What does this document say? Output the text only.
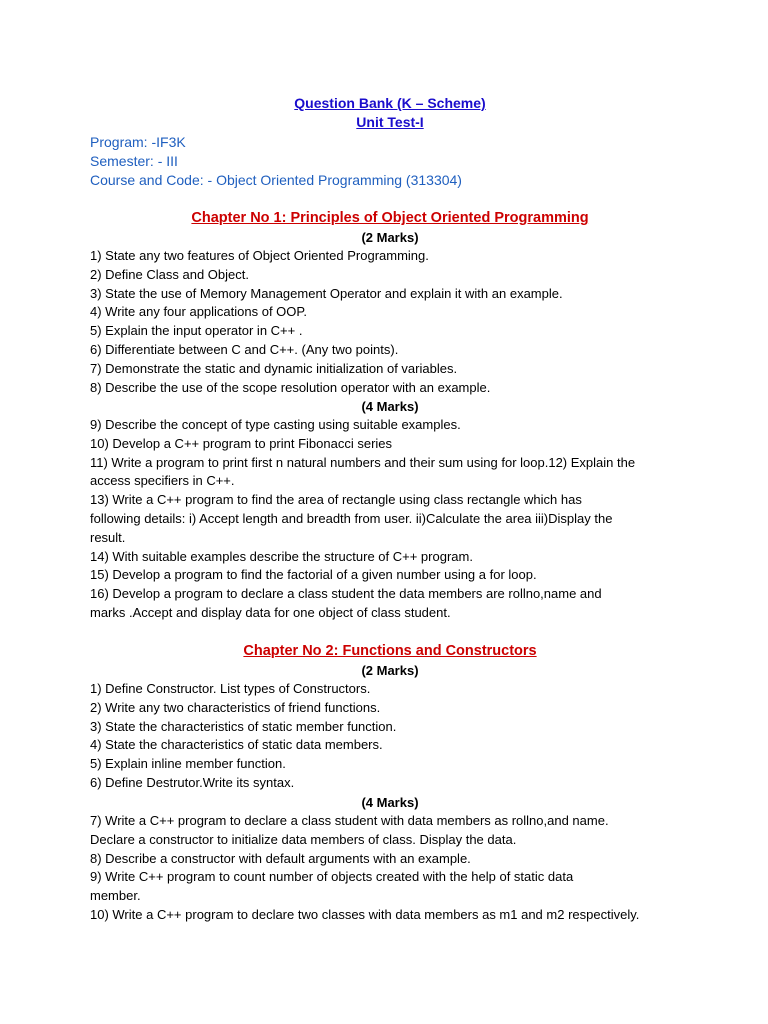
Question Bank (K – Scheme)
Unit Test-I
Program: -IF3K
Semester: - III
Course and Code: - Object Oriented Programming (313304)
Chapter No 1: Principles of Object Oriented Programming
(2 Marks)
1) State any two features of Object Oriented Programming.
2) Define Class and Object.
3) State the use of Memory Management Operator and explain it with an example.
4) Write any four applications of OOP.
5) Explain the input operator in C++ .
6) Differentiate between C and C++. (Any two points).
7) Demonstrate the static and dynamic initialization of variables.
8) Describe the use of the scope resolution operator with an example.
(4 Marks)
9) Describe the concept of type casting using suitable examples.
10) Develop a C++ program to print Fibonacci series
11) Write a program to print first n natural numbers and their sum using for loop.12) Explain the
access specifiers in C++.
13) Write a C++ program to find the area of rectangle using class rectangle which has
following details: i) Accept length and breadth from user. ii)Calculate the area iii)Display the
result.
14) With suitable examples describe the structure of C++ program.
15) Develop a program to find the factorial of a given number using a for loop.
16) Develop a program to declare a class student the data members are rollno,name and
marks .Accept and display data for one object of class student.
Chapter No 2: Functions and Constructors
(2 Marks)
1) Define Constructor. List types of Constructors.
2) Write any two characteristics of friend functions.
3) State the characteristics of static member function.
4) State the characteristics of static data members.
5) Explain inline member function.
6) Define Destrutor.Write its syntax.
(4 Marks)
7) Write a C++ program to declare a class student with data members as rollno,and name.
Declare a constructor to initialize data members of class. Display the data.
8) Describe a constructor with default arguments with an example.
9) Write C++ program to count number of objects created with the help of static data
member.
10) Write a C++ program to declare two classes with data members as m1 and m2 respectively.
